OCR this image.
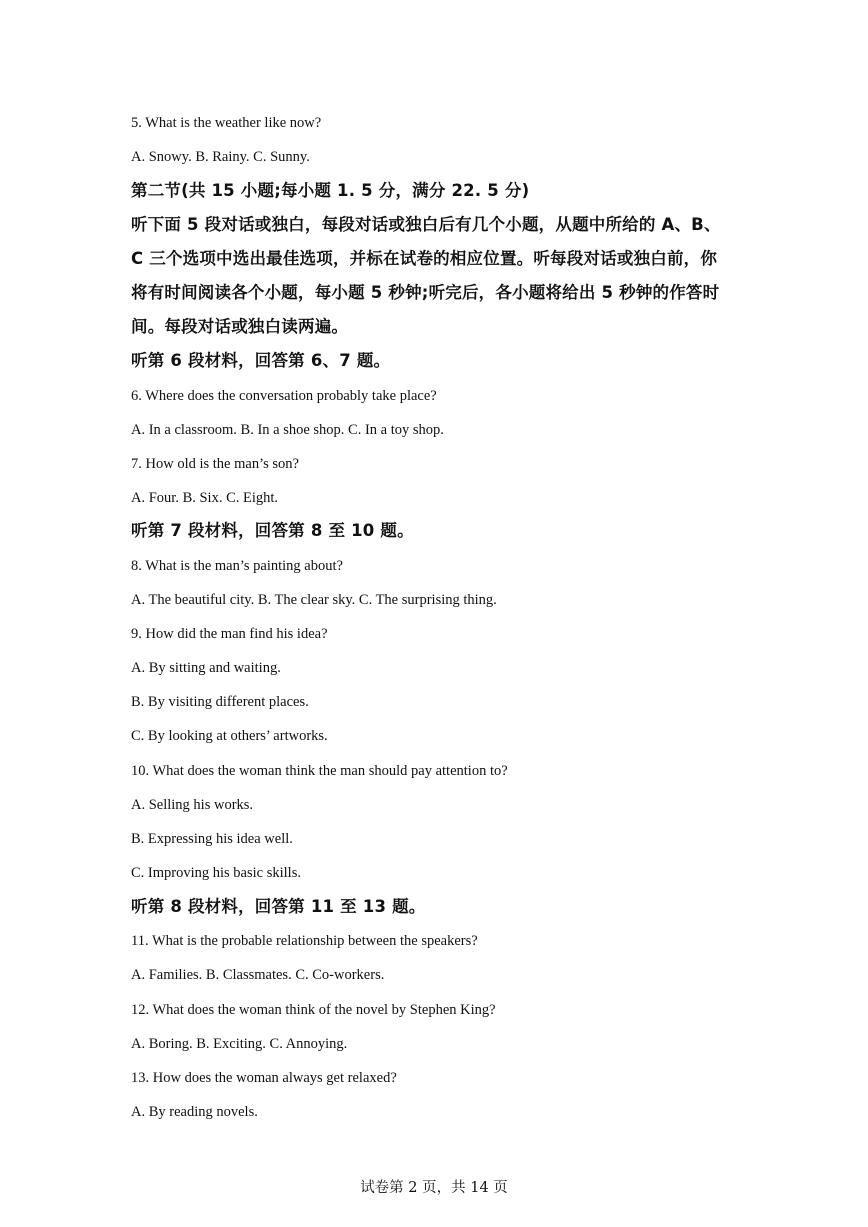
5. What is the weather like now?
A. Snowy. B. Rainy. C. Sunny.
第二节(共 15 小题;每小题 1. 5 分，满分 22. 5 分)
听下面 5 段对话或独白，每段对话或独白后有几个小题，从题中所给的 A、B、
C 三个选项中选出最佳选项，并标在试卷的相应位置。听每段对话或独白前，你
将有时间阅读各个小题，每小题 5 秒钟;听完后，各小题将给出 5 秒钟的作答时
间。每段对话或独白读两遍。
听第 6 段材料，回答第 6、7 题。
6. Where does the conversation probably take place?
A. In a classroom. B. In a shoe shop. C. In a toy shop.
7. How old is the man’s son?
A. Four. B. Six. C. Eight.
听第 7 段材料，回答第 8 至 10 题。
8. What is the man’s painting about?
A. The beautiful city. B. The clear sky. C. The surprising thing.
9. How did the man find his idea?
A. By sitting and waiting.
B. By visiting different places.
C. By looking at others’ artworks.
10. What does the woman think the man should pay attention to?
A. Selling his works.
B. Expressing his idea well.
C. Improving his basic skills.
听第 8 段材料，回答第 11 至 13 题。
11. What is the probable relationship between the speakers?
A. Families. B. Classmates. C. Co-workers.
12. What does the woman think of the novel by Stephen King?
A. Boring. B. Exciting. C. Annoying.
13. How does the woman always get relaxed?
A. By reading novels.
试卷第 2 页，共 14 页
